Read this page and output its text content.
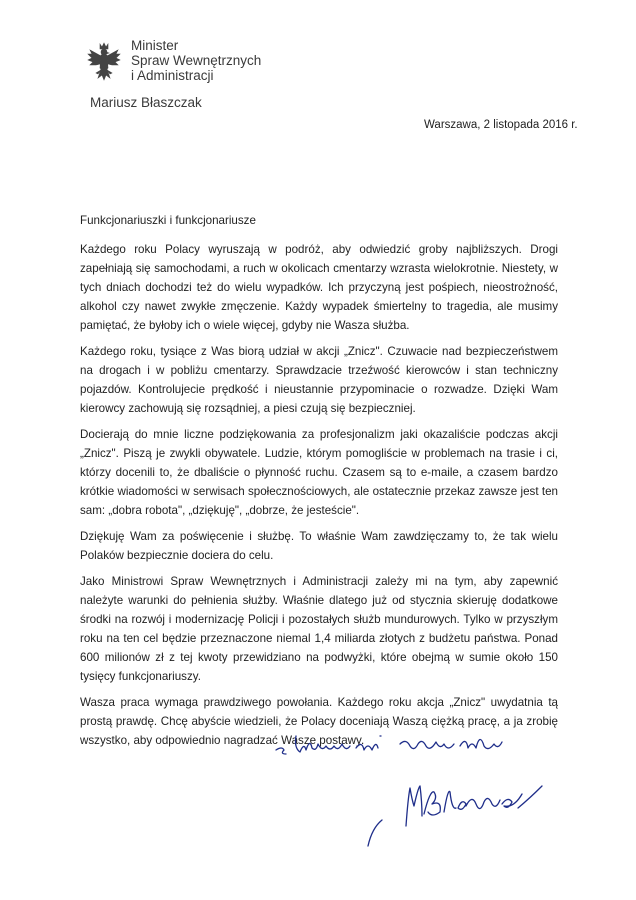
Minister
Spraw Wewnętrznych
i Administracji
Mariusz Błaszczak
Warszawa, 2 listopada 2016 r.

Funkcjonariuszki i funkcjonariusze

Każdego roku Polacy wyruszają w podróż, aby odwiedzić groby najbliższych. Drogi zapełniają się samochodami, a ruch w okolicach cmentarzy wzrasta wielokrotnie. Niestety, w tych dniach dochodzi też do wielu wypadków. Ich przyczyną jest pośpiech, nieostrożność, alkohol czy nawet zwykłe zmęczenie. Każdy wypadek śmiertelny to tragedia, ale musimy pamiętać, że byłoby ich o wiele więcej, gdyby nie Wasza służba.

Każdego roku, tysiące z Was biorą udział w akcji „Znicz". Czuwacie nad bezpieczeństwem na drogach i w pobliżu cmentarzy. Sprawdzacie trzeźwość kierowców i stan techniczny pojazdów. Kontrolujecie prędkość i nieustannie przypominacie o rozwadze. Dzięki Wam kierowcy zachowują się rozsądniej, a piesi czują się bezpieczniej.

Docierają do mnie liczne podziękowania za profesjonalizm jaki okazaliście podczas akcji „Znicz". Piszą je zwykli obywatele. Ludzie, którym pomogliście w problemach na trasie i ci, którzy docenili to, że dbaliście o płynność ruchu. Czasem są to e-maile, a czasem bardzo krótkie wiadomości w serwisach społecznościowych, ale ostatecznie przekaz zawsze jest ten sam: „dobra robota", „dziękuję", „dobrze, że jesteście".

Dziękuję Wam za poświęcenie i służbę. To właśnie Wam zawdzięczamy to, że tak wielu Polaków bezpiecznie dociera do celu.

Jako Ministrowi Spraw Wewnętrznych i Administracji zależy mi na tym, aby zapewnić należyte warunki do pełnienia służby. Właśnie dlatego już od stycznia skieruję dodatkowe środki na rozwój i modernizację Policji i pozostałych służb mundurowych. Tylko w przyszłym roku na ten cel będzie przeznaczone niemal 1,4 miliarda złotych z budżetu państwa. Ponad 600 milionów zł z tej kwoty przewidziano na podwyżki, które obejmą w sumie około 150 tysięcy funkcjonariuszy.

Wasza praca wymaga prawdziwego powołania. Każdego roku akcja „Znicz" uwydatnia tą prostą prawdę. Chcę abyście wiedzieli, że Polacy doceniają Waszą ciężką pracę, a ja zrobię wszystko, aby odpowiednio nagradzać Wasze postawy.
